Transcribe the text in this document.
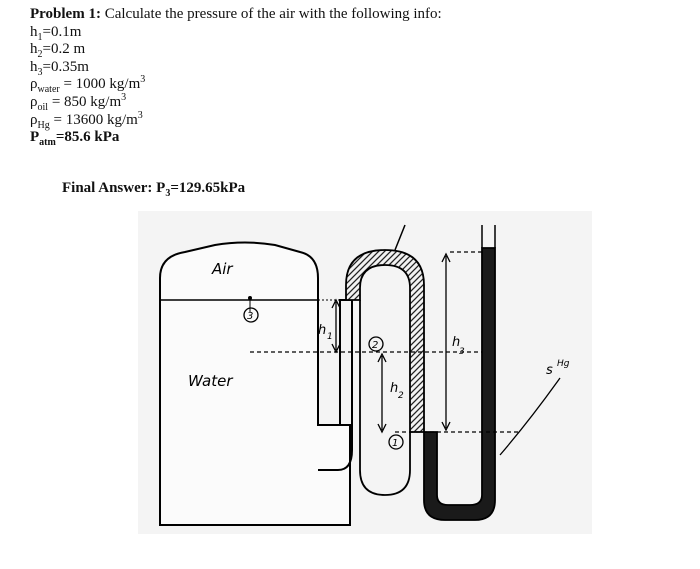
Problem 1: Calculate the pressure of the air with the following info:
$h_1=0.1m$
$h_2=0.2$ m
$h_3=0.35m$
$\rho_{water} = 1000$ $kg/m^3$
$\rho_{oil} = 850$ $kg/m^3$
$\rho_{Hg} = 13600$ $kg/m^3$
$P_{atm}=85.6$ kPa
Final Answer: $P_3=129.65kPa$
Air
Water
3
2
1
h 1
h 2
h
3
s Hg
